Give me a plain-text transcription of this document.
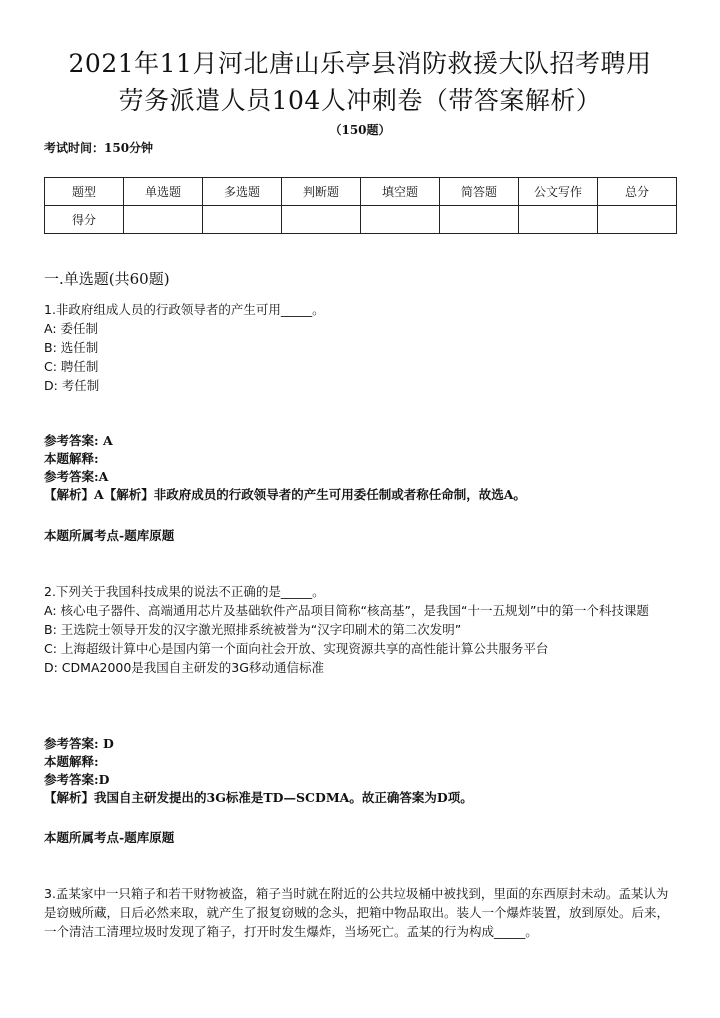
2021年11月河北唐山乐亭县消防救援大队招考聘用
劳务派遣人员104人冲刺卷（带答案解析）
（150题）
考试时间：150分钟
题型	单选题	多选题	判断题	填空题	简答题	公文写作	总分
得分							
一.单选题(共60题)
1.非政府组成人员的行政领导者的产生可用_____。
A: 委任制
B: 选任制
C: 聘任制
D: 考任制
参考答案: A
本题解释:
参考答案:A
【解析】A【解析】非政府成员的行政领导者的产生可用委任制或者称任命制，故选A。
本题所属考点-题库原题
2.下列关于我国科技成果的说法不正确的是_____。
A: 核心电子器件、高端通用芯片及基础软件产品项目简称“核高基”，是我国“十一五规划”中的第一个科技课题
B: 王选院士领导开发的汉字激光照排系统被誉为“汉字印刷术的第二次发明”
C: 上海超级计算中心是国内第一个面向社会开放、实现资源共享的高性能计算公共服务平台
D: CDMA2000是我国自主研发的3G移动通信标准
参考答案: D
本题解释:
参考答案:D
【解析】我国自主研发提出的3G标准是TD—SCDMA。故正确答案为D项。
本题所属考点-题库原题
3.孟某家中一只箱子和若干财物被盗，箱子当时就在附近的公共垃圾桶中被找到，里面的东西原封未动。孟某认为是窃贼所藏，日后必然来取，就产生了报复窃贼的念头，把箱中物品取出。装人一个爆炸装置，放到原处。后来，一个清洁工清理垃圾时发现了箱子，打开时发生爆炸，当场死亡。孟某的行为构成_____。
